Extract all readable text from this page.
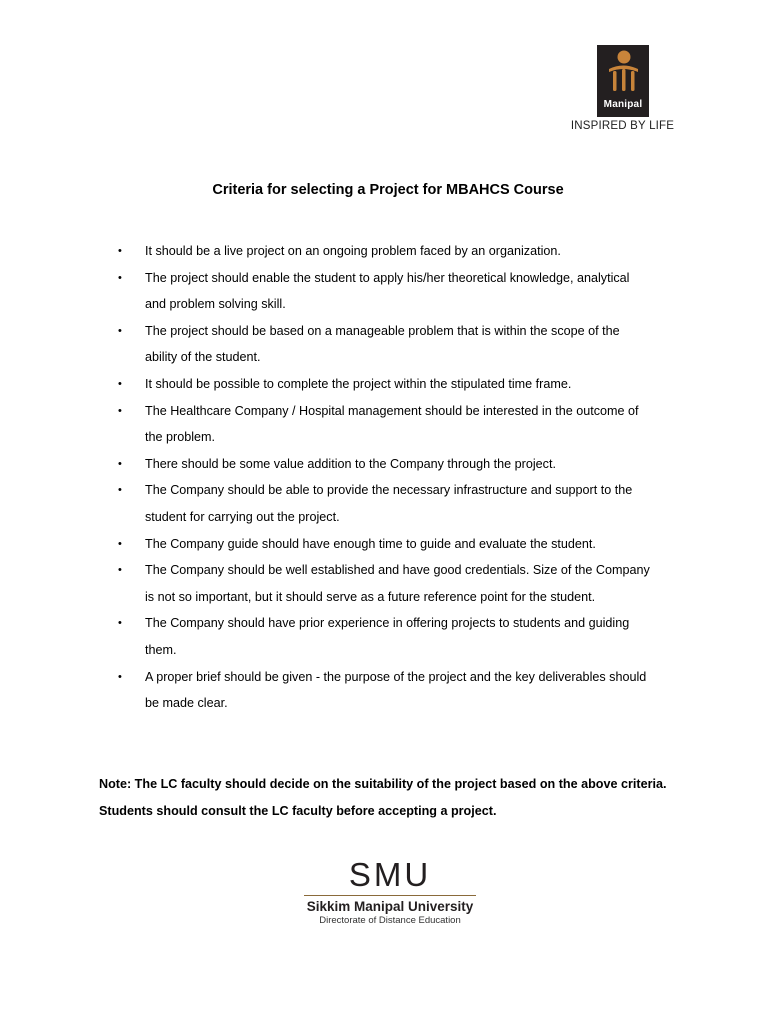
Manipal
INSPIRED BY LIFE
Criteria for selecting a Project for MBAHCS Course
• It should be a live project on an ongoing problem faced by an organization.
• The project should enable the student to apply his/her theoretical knowledge, analytical
and problem solving skill.
• The project should be based on a manageable problem that is within the scope of the
ability of the student.
• It should be possible to complete the project within the stipulated time frame.
• The Healthcare Company / Hospital management should be interested in the outcome of
the problem.
• There should be some value addition to the Company through the project.
• The Company should be able to provide the necessary infrastructure and support to the
student for carrying out the project.
• The Company guide should have enough time to guide and evaluate the student.
• The Company should be well established and have good credentials. Size of the Company
is not so important, but it should serve as a future reference point for the student.
• The Company should have prior experience in offering projects to students and guiding
them.
• A proper brief should be given - the purpose of the project and the key deliverables should
be made clear.
Note: The LC faculty should decide on the suitability of the project based on the above criteria.
Students should consult the LC faculty before accepting a project.
SMU
Sikkim Manipal University
Directorate of Distance Education
